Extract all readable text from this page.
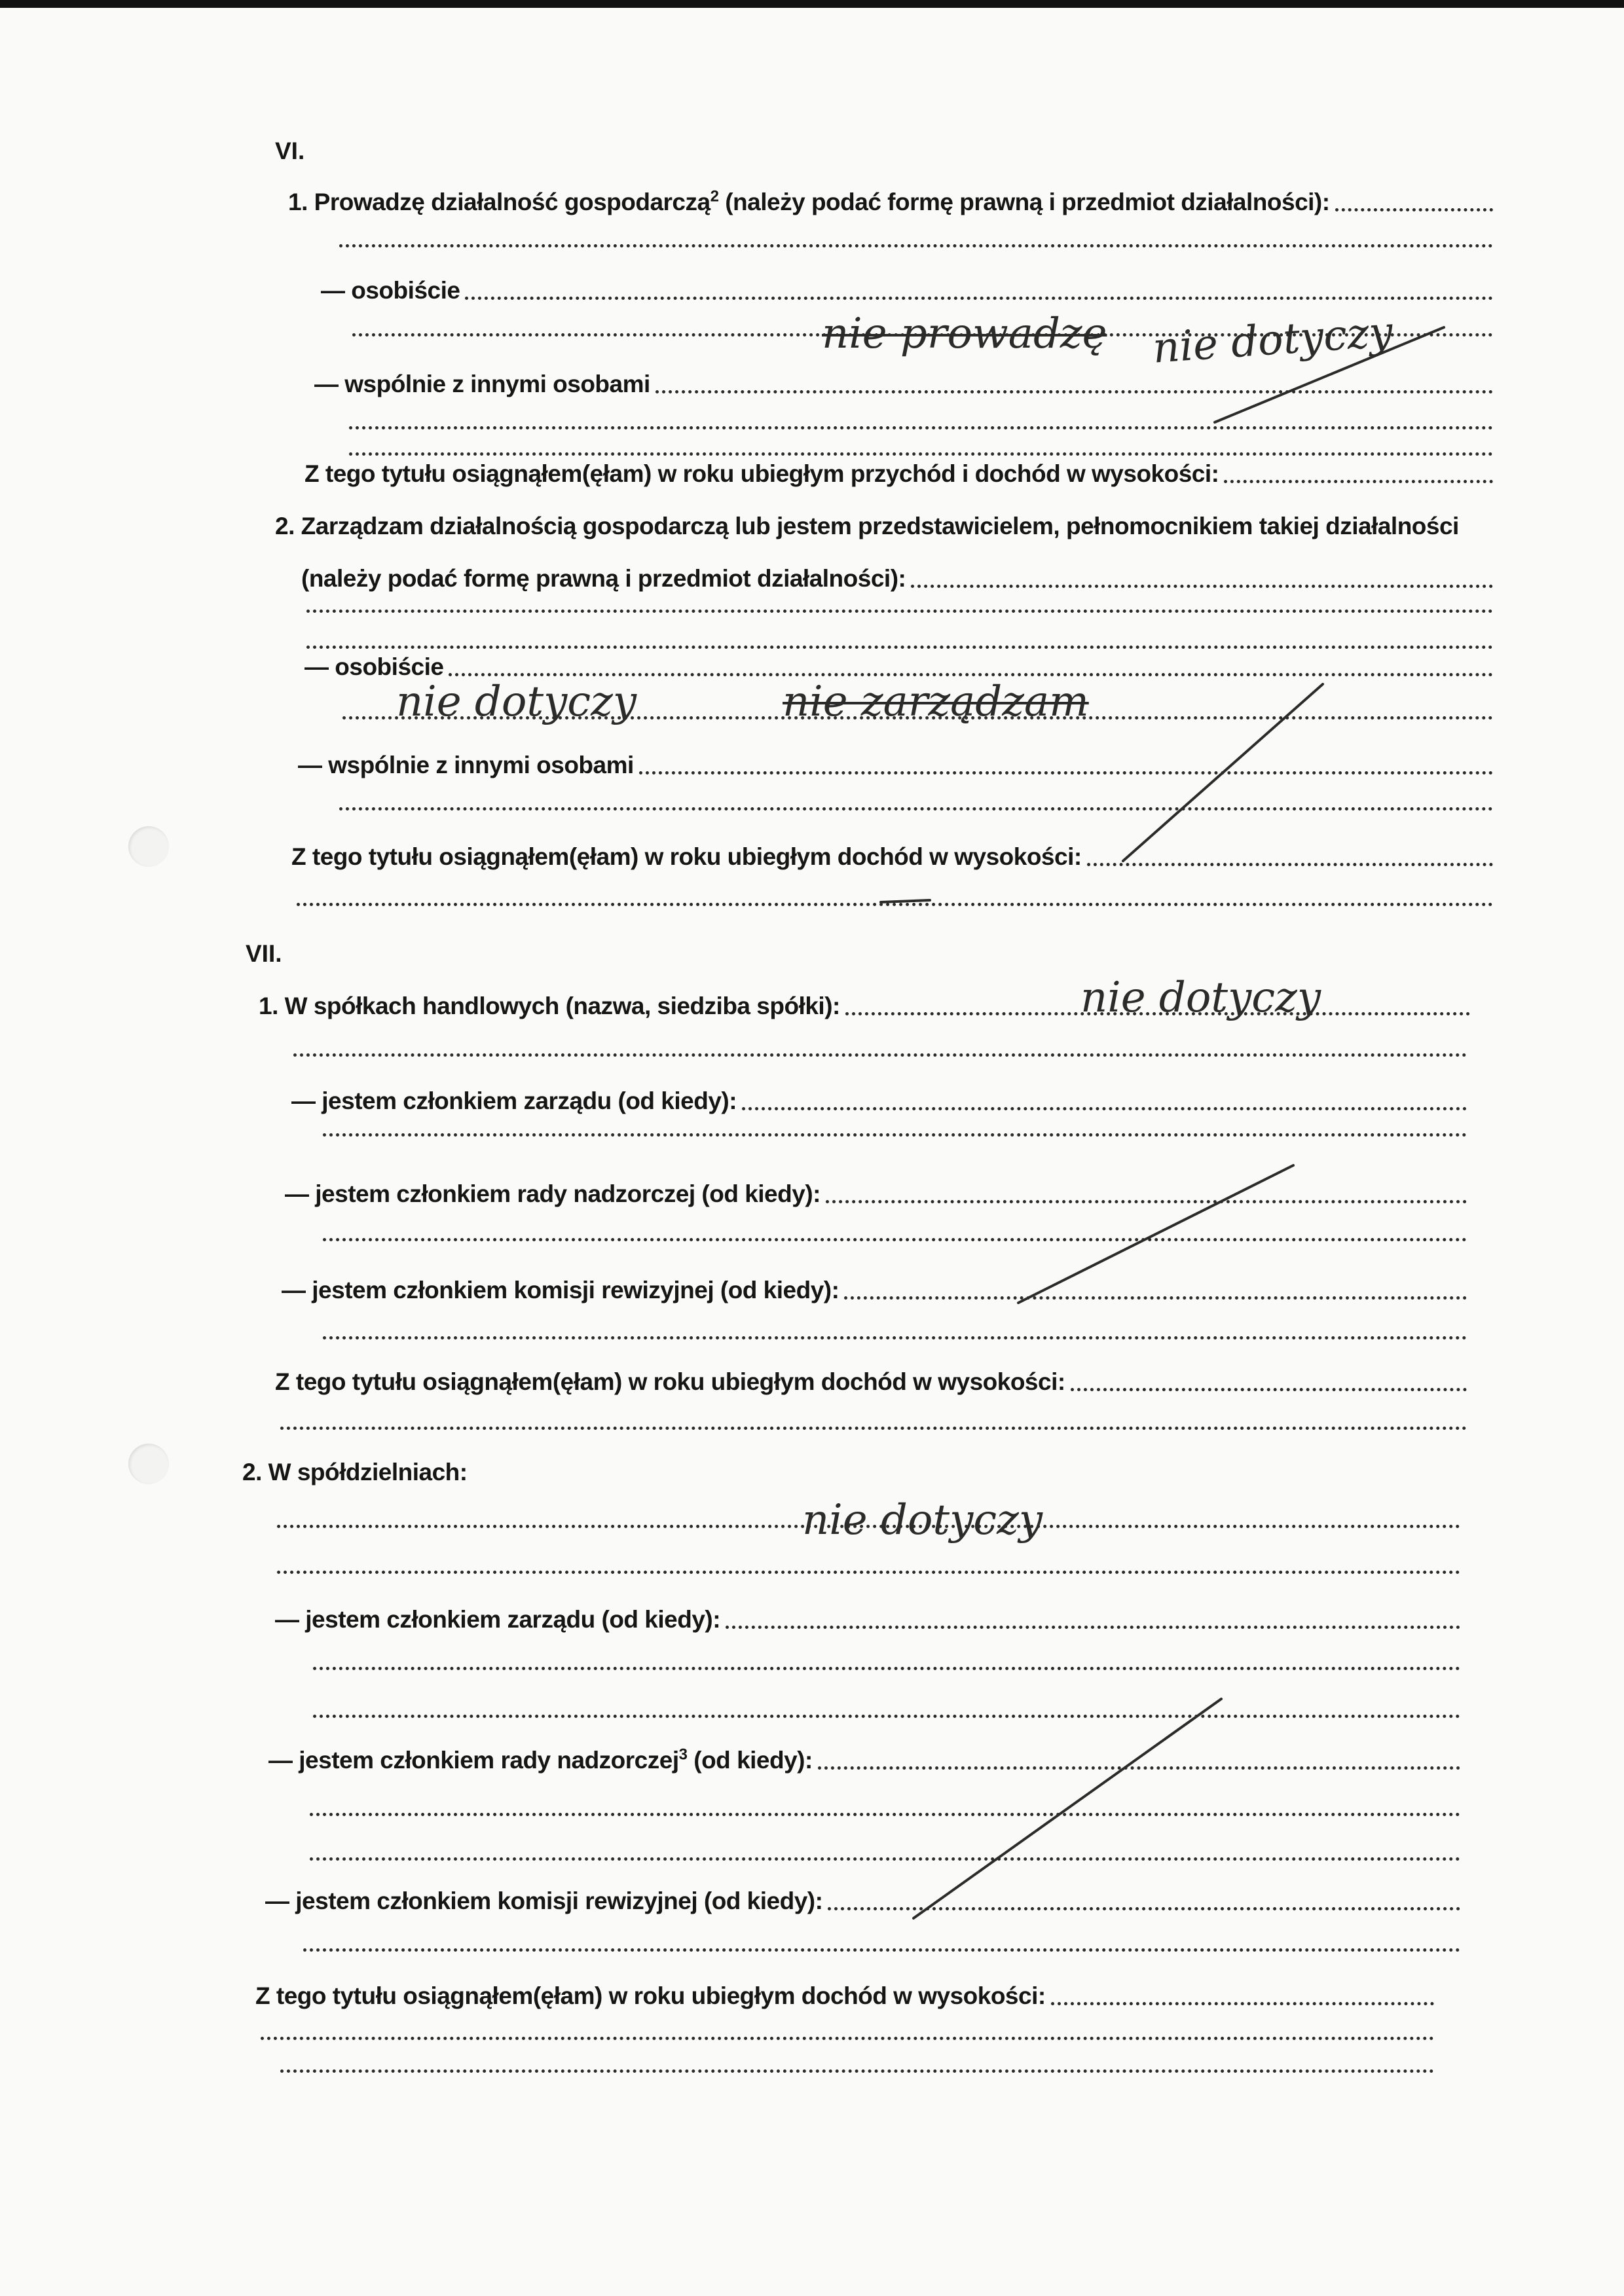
VI.
1. Prowadzę działalność gospodarczą$^2$ (należy podać formę prawną i przedmiot działalności):
— osobiście
— wspólnie z innymi osobami
Z tego tytułu osiągnąłem(ęłam) w roku ubiegłym przychód i dochód w wysokości:
2. Zarządzam działalnością gospodarczą lub jestem przedstawicielem, pełnomocnikiem takiej działalności
(należy podać formę prawną i przedmiot działalności):
— osobiście
— wspólnie z innymi osobami
Z tego tytułu osiągnąłem(ęłam) w roku ubiegłym dochód w wysokości:
VII.
1. W spółkach handlowych (nazwa, siedziba spółki):
— jestem członkiem zarządu (od kiedy):
— jestem członkiem rady nadzorczej (od kiedy):
— jestem członkiem komisji rewizyjnej (od kiedy):
Z tego tytułu osiągnąłem(ęłam) w roku ubiegłym dochód w wysokości:
2. W spółdzielniach:
— jestem członkiem zarządu (od kiedy):
— jestem członkiem rady nadzorczej$^3$ (od kiedy):
— jestem członkiem komisji rewizyjnej (od kiedy):
Z tego tytułu osiągnąłem(ęłam) w roku ubiegłym dochód w wysokości:
nie prowadzę nie dotyczy
nie dotyczy	nie zarządzam
nie dotyczy
nie dotyczy
